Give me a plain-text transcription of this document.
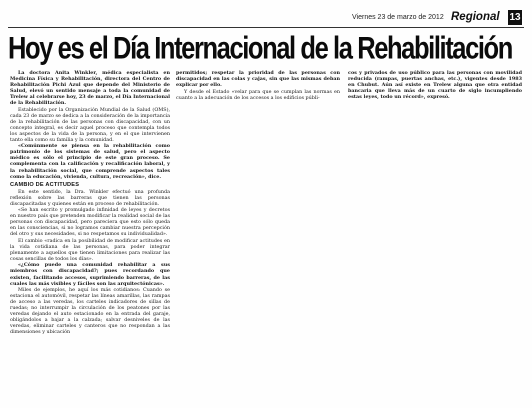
Viernes 23 de marzo de 2012 Regional 13
Hoy es el Día Internacional de la Rehabilitación

La doctora Anita Winkler, médica especialista en Medicina Física y Rehabilitación, directora del Centro de Rehabilitación Pichi Azul que depende del Ministerio de Salud, elevó un sentido mensaje a toda la comunidad de Trelew al celebrarse hoy, 23 de marzo, el Día Internacional de la Rehabilitación.

Establecido por la Organización Mundial de la Salud (OMS), cada 23 de marzo se dedica a la consideración de la importancia de la rehabilitación de las personas con discapacidad, con un concepto integral, es decir aquel proceso que contempla todos los aspectos de la vida de la persona, y en el que intervienen tanto ella como su familia y la comunidad.

«Comúnmente se piensa en la rehabilitación como patrimonio de los sistemas de salud, pero el aspecto médico es sólo el principio de este gran proceso. Se complementa con la calificación y recalificación laboral, y la rehabilitación social, que comprende aspectos tales como la educación, vivienda, cultura, recreación», dice.

CAMBIO DE ACTITUDES

En este sentido, la Dra. Winkler efectuó una profunda reflexión sobre las barreras que tienen las personas discapacitadas y quienes están en proceso de rehabilitación.

«Se han escrito y promulgado infinidad de leyes y decretos en nuestro país que pretenden modificar la realidad social de las personas con discapacidad, pero pareciera que esto sólo queda en las consciencias, si no logramos cambiar nuestra percepción del otro y sus necesidades, si no respetamos su individualidad».

El cambio «radica en la posibilidad de modificar actitudes en la vida cotidiana de las personas, para poder integrar plenamente a aquellos que tienen limitaciones para realizar las cosas sencillas de todos los días».

«¿Cómo puede una comunidad rehabilitar a sus miembros con discapacidad?; pues recordando que existen, facilitando accesos, suprimiendo barreras, de las cuales las más visibles y fáciles son las arquitectónicas».

Miles de ejemplos, he aquí los más cotidianos: Cuando se estaciona el automóvil, respetar las líneas amarillas, las rampas de acceso a las veredas, los carteles indicadores de sillas de ruedas; no interrumpir la circulación de los peatones por las veredas dejando el auto estacionado en la entrada del garaje, obligándolos a bajar a la calzada; salvar desniveles de las veredas, eliminar carteles y canteros que no respondan a las dimensiones y ubicación

permitidos; respetar la prioridad de las personas con discapacidad en las colas y cajas, sin que las mismas deban explicar por ello.

Y desde el Estado «velar para que se cumplan las normas en cuanto a la adecuación de los accesos a los edificios públi-

cos y privados de uso público para las personas con movilidad reducida (rampas, puertas anchas, etc.), vigentes desde 1983 en Chubut. Aún así existe en Trelew alguna que otra entidad bancaria que lleva más de un cuarto de siglo incumpliendo estas leyes, todo un récord», expresó.
